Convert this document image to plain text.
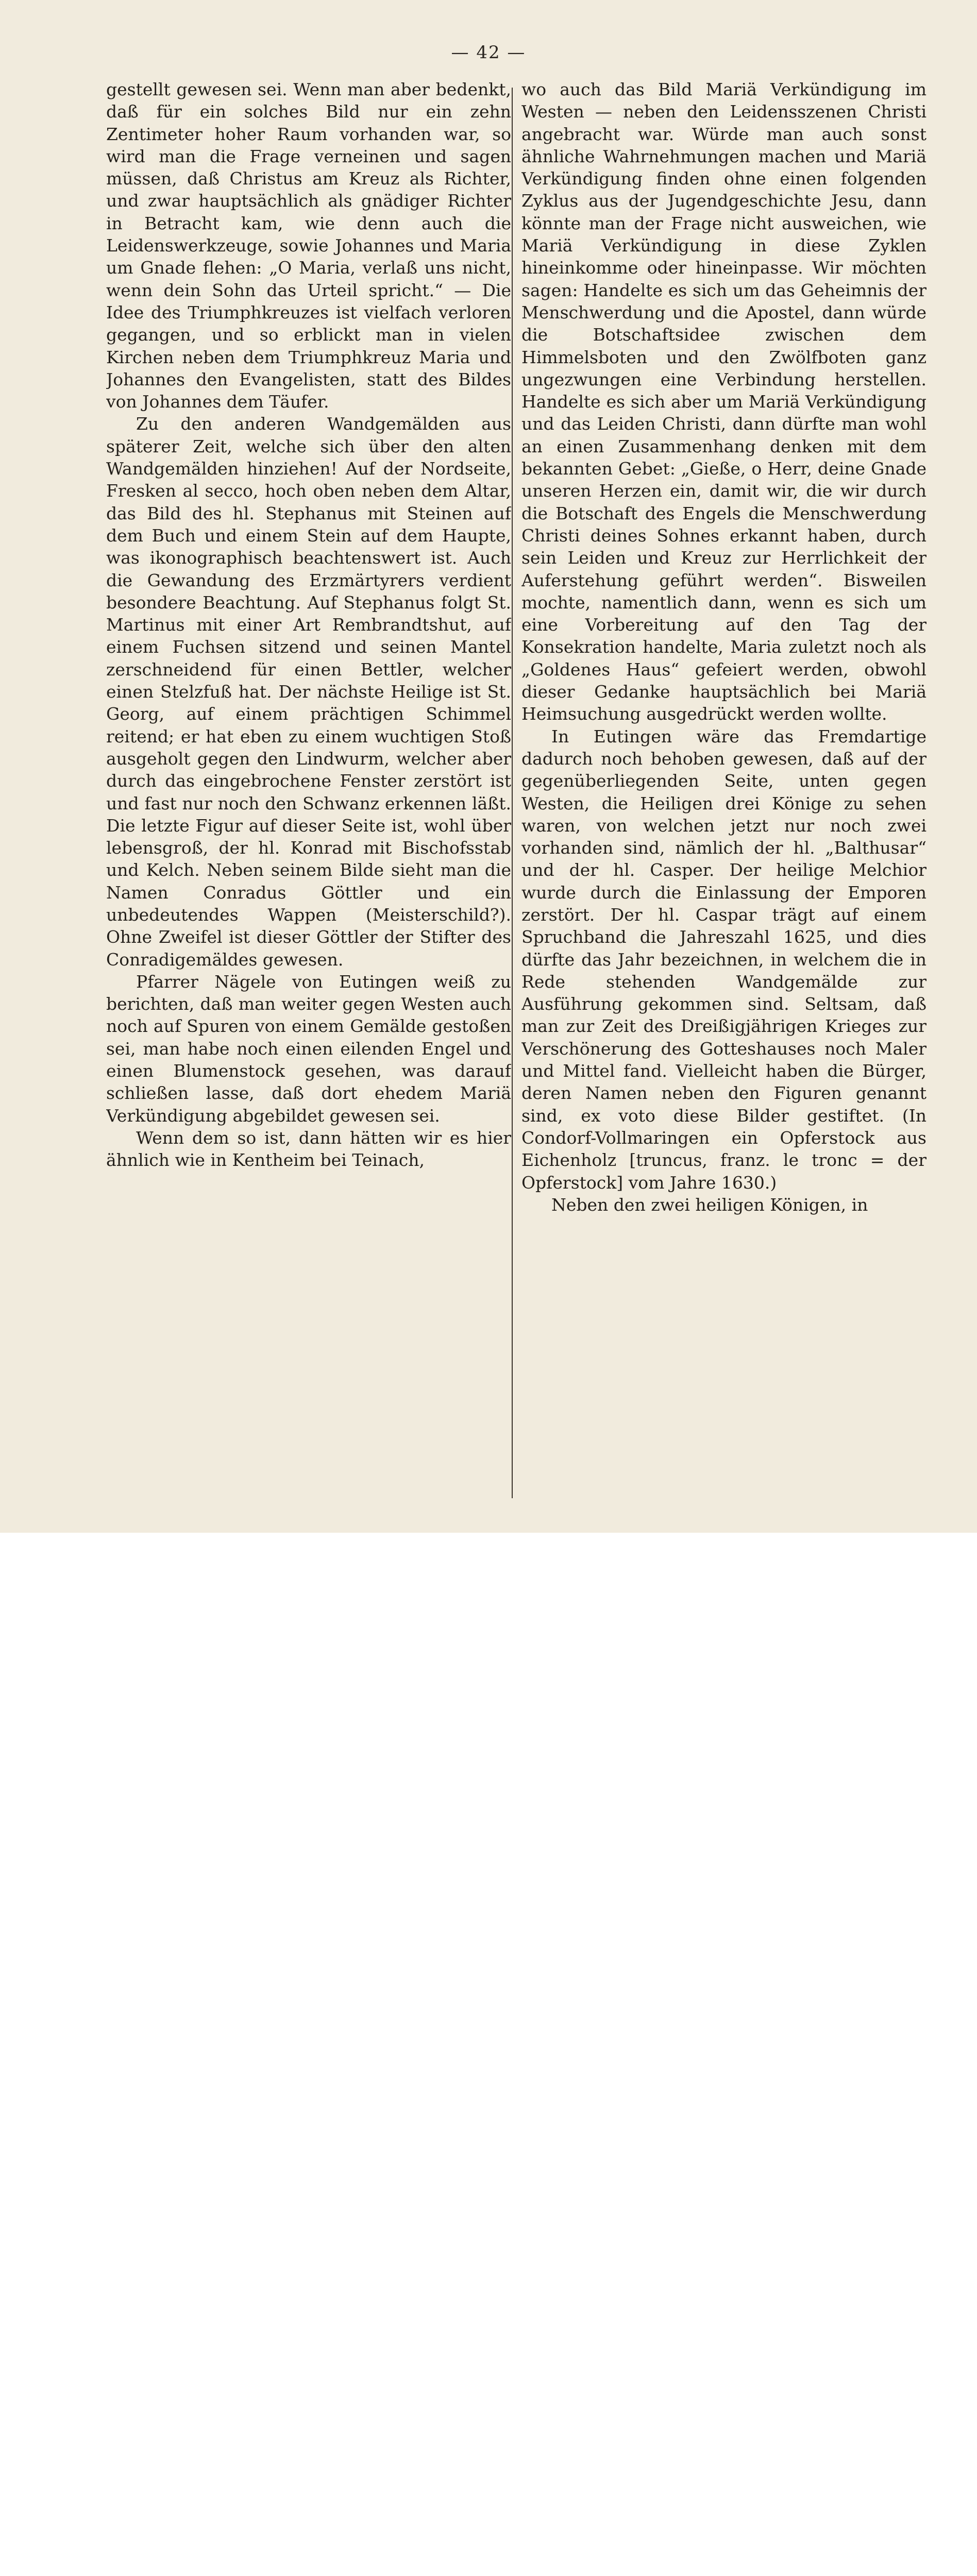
— 42 —

gestellt gewesen sei. Wenn man aber bedenkt, daß für ein solches Bild nur ein zehn Zentimeter hoher Raum vorhanden war, so wird man die Frage verneinen und sagen müssen, daß Christus am Kreuz als Richter, und zwar hauptsächlich als gnädiger Richter in Betracht kam, wie denn auch die Leidenswerkzeuge, sowie Johannes und Maria um Gnade flehen: „O Maria, verlaß uns nicht, wenn dein Sohn das Urteil spricht.“ — Die Idee des Triumphkreuzes ist vielfach verloren gegangen, und so erblickt man in vielen Kirchen neben dem Triumphkreuz Maria und Johannes den Evangelisten, statt des Bildes von Johannes dem Täufer.

Zu den anderen Wandgemälden aus späterer Zeit, welche sich über den alten Wandgemälden hinziehen! Auf der Nordseite, Fresken al secco, hoch oben neben dem Altar, das Bild des hl. Stephanus mit Steinen auf dem Buch und einem Stein auf dem Haupte, was ikonographisch beachtenswert ist. Auch die Gewandung des Erzmärtyrers verdient besondere Beachtung. Auf Stephanus folgt St. Martinus mit einer Art Rembrandtshut, auf einem Fuchsen sitzend und seinen Mantel zerschneidend für einen Bettler, welcher einen Stelzfuß hat. Der nächste Heilige ist St. Georg, auf einem prächtigen Schimmel reitend; er hat eben zu einem wuchtigen Stoß ausgeholt gegen den Lindwurm, welcher aber durch das eingebrochene Fenster zerstört ist und fast nur noch den Schwanz erkennen läßt. Die letzte Figur auf dieser Seite ist, wohl über lebensgroß, der hl. Konrad mit Bischofsstab und Kelch. Neben seinem Bilde sieht man die Namen Conradus Göttler und ein unbedeutendes Wappen (Meisterschild?). Ohne Zweifel ist dieser Göttler der Stifter des Conradigemäldes gewesen.

Pfarrer Nägele von Eutingen weiß zu berichten, daß man weiter gegen Westen auch noch auf Spuren von einem Gemälde gestoßen sei, man habe noch einen eilenden Engel und einen Blumenstock gesehen, was darauf schließen lasse, daß dort ehedem Mariä Verkündigung abgebildet gewesen sei.

Wenn dem so ist, dann hätten wir es hier ähnlich wie in Kentheim bei Teinach,

wo auch das Bild Mariä Verkündigung im Westen — neben den Leidensszenen Christi angebracht war. Würde man auch sonst ähnliche Wahrnehmungen machen und Mariä Verkündigung finden ohne einen folgenden Zyklus aus der Jugendgeschichte Jesu, dann könnte man der Frage nicht ausweichen, wie Mariä Verkündigung in diese Zyklen hineinkomme oder hineinpasse. Wir möchten sagen: Handelte es sich um das Geheimnis der Menschwerdung und die Apostel, dann würde die Botschaftsidee zwischen dem Himmelsboten und den Zwölfboten ganz ungezwungen eine Verbindung herstellen. Handelte es sich aber um Mariä Verkündigung und das Leiden Christi, dann dürfte man wohl an einen Zusammenhang denken mit dem bekannten Gebet: „Gieße, o Herr, deine Gnade unseren Herzen ein, damit wir, die wir durch die Botschaft des Engels die Menschwerdung Christi deines Sohnes erkannt haben, durch sein Leiden und Kreuz zur Herrlichkeit der Auferstehung geführt werden“. Bisweilen mochte, namentlich dann, wenn es sich um eine Vorbereitung auf den Tag der Konsekration handelte, Maria zuletzt noch als „Goldenes Haus“ gefeiert werden, obwohl dieser Gedanke hauptsächlich bei Mariä Heimsuchung ausgedrückt werden wollte.

In Eutingen wäre das Fremdartige dadurch noch behoben gewesen, daß auf der gegenüberliegenden Seite, unten gegen Westen, die Heiligen drei Könige zu sehen waren, von welchen jetzt nur noch zwei vorhanden sind, nämlich der hl. „Balthusar“ und der hl. Casper. Der heilige Melchior wurde durch die Einlassung der Emporen zerstört. Der hl. Caspar trägt auf einem Spruchband die Jahreszahl 1625, und dies dürfte das Jahr bezeichnen, in welchem die in Rede stehenden Wandgemälde zur Ausführung gekommen sind. Seltsam, daß man zur Zeit des Dreißigjährigen Krieges zur Verschönerung des Gotteshauses noch Maler und Mittel fand. Vielleicht haben die Bürger, deren Namen neben den Figuren genannt sind, ex voto diese Bilder gestiftet. (In Condorf-Vollmaringen ein Opferstock aus Eichenholz [truncus, franz. le tronc = der Opferstock] vom Jahre 1630.)

Neben den zwei heiligen Königen, in
